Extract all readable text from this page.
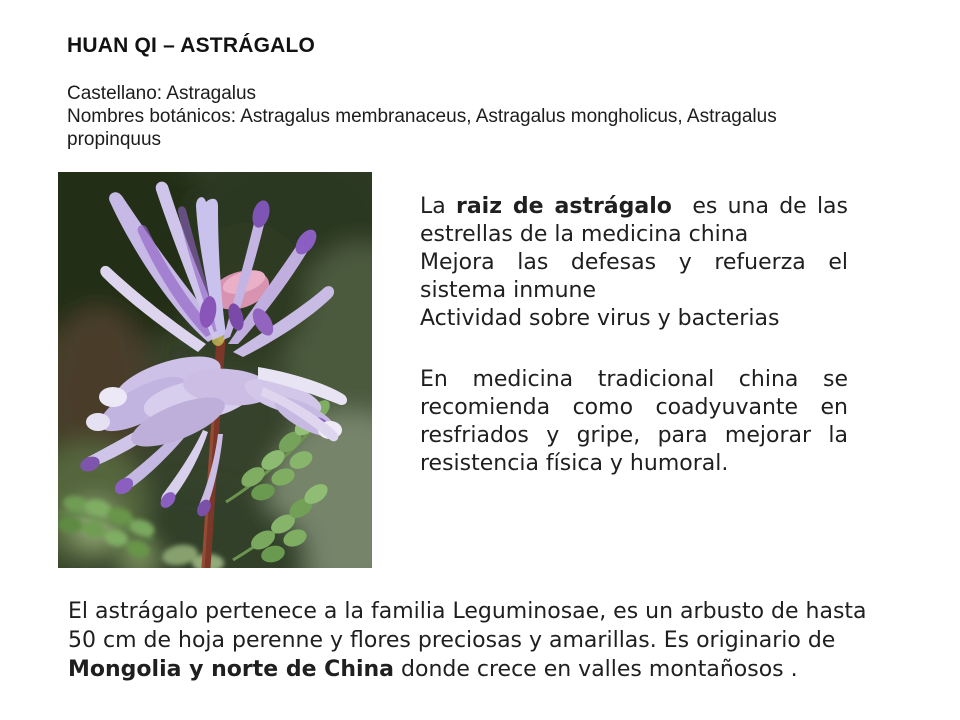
HUAN QI – ASTRÁGALO
Castellano: Astragalus
Nombres botánicos: Astragalus membranaceus, Astragalus mongholicus, Astragalus
propinquus
La raiz de astrágalo  es una de las
estrellas de la medicina china
Mejora las defesas y refuerza el
sistema inmune
Actividad sobre virus y bacterias
En medicina tradicional china se
recomienda como coadyuvante en
resfriados y gripe, para mejorar la
resistencia física y humoral.
El astrágalo pertenece a la familia Leguminosae, es un arbusto de hasta
50 cm de hoja perenne y flores preciosas y amarillas. Es originario de
Mongolia y norte de China donde crece en valles montañosos .
